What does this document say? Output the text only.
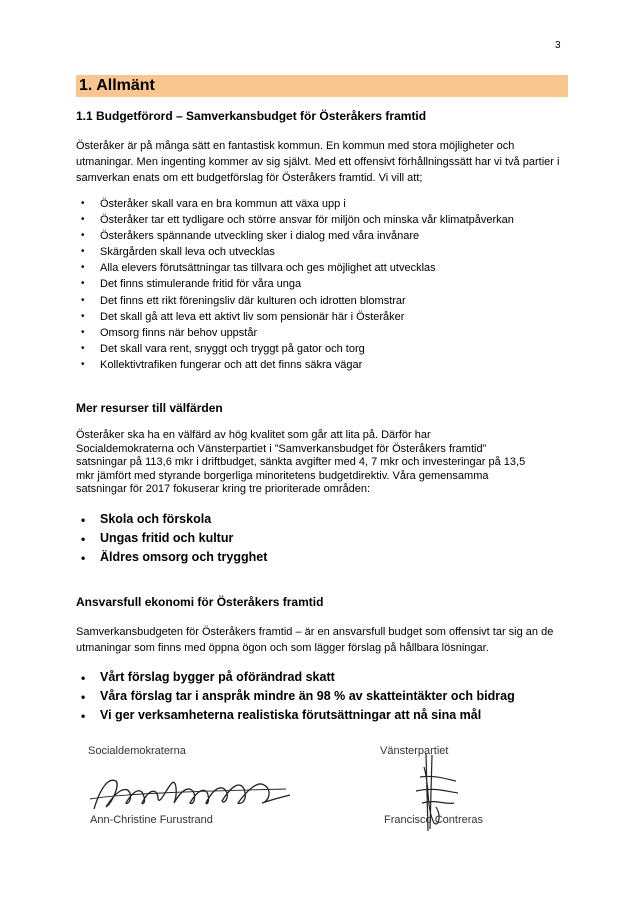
3
1. Allmänt
1.1 Budgetförord – Samverkansbudget för Österåkers framtid

Österåker är på många sätt en fantastisk kommun. En kommun med stora möjligheter och utmaningar. Men ingenting kommer av sig självt. Med ett offensivt förhållningssätt har vi två partier i samverkan enats om ett budgetförslag för Österåkers framtid. Vi vill att;

• Österåker skall vara en bra kommun att växa upp i
• Österåker tar ett tydligare och större ansvar för miljön och minska vår klimatpåverkan
• Österåkers spännande utveckling sker i dialog med våra invånare
• Skärgården skall leva och utvecklas
• Alla elevers förutsättningar tas tillvara och ges möjlighet att utvecklas
• Det finns stimulerande fritid för våra unga
• Det finns ett rikt föreningsliv där kulturen och idrotten blomstrar
• Det skall gå att leva ett aktivt liv som pensionär här i Österåker
• Omsorg finns när behov uppstår
• Det skall vara rent, snyggt och tryggt på gator och torg
• Kollektivtrafiken fungerar och att det finns säkra vägar
Mer resurser till välfärden

Österåker ska ha en välfärd av hög kvalitet som går att lita på. Därför har

Socialdemokraterna och Vänsterpartiet i ”Samverkansbudget för Österåkers framtid”

satsningar på 113,6 mkr i driftbudget, sänkta avgifter med 4, 7 mkr och investeringar på 13,5

mkr jämfört med styrande borgerliga minoritetens budgetdirektiv. Våra gemensamma

satsningar för 2017 fokuserar kring tre prioriterade områden:

• Skola och förskola
• Ungas fritid och kultur
• Äldres omsorg och trygghet
Ansvarsfull ekonomi för Österåkers framtid

Samverkansbudgeten för Österåkers framtid – är en ansvarsfull budget som offensivt tar sig an de utmaningar som finns med öppna ögon och som lägger förslag på hållbara lösningar.

• Vårt förslag bygger på oförändrad skatt
• Våra förslag tar i anspråk mindre än 98 % av skatteintäkter och bidrag
• Vi ger verksamheterna realistiska förutsättningar att nå sina mål
Socialdemokraterna
Ann-Christine Furustrand
Vänsterpartiet
Francisco Contreras
